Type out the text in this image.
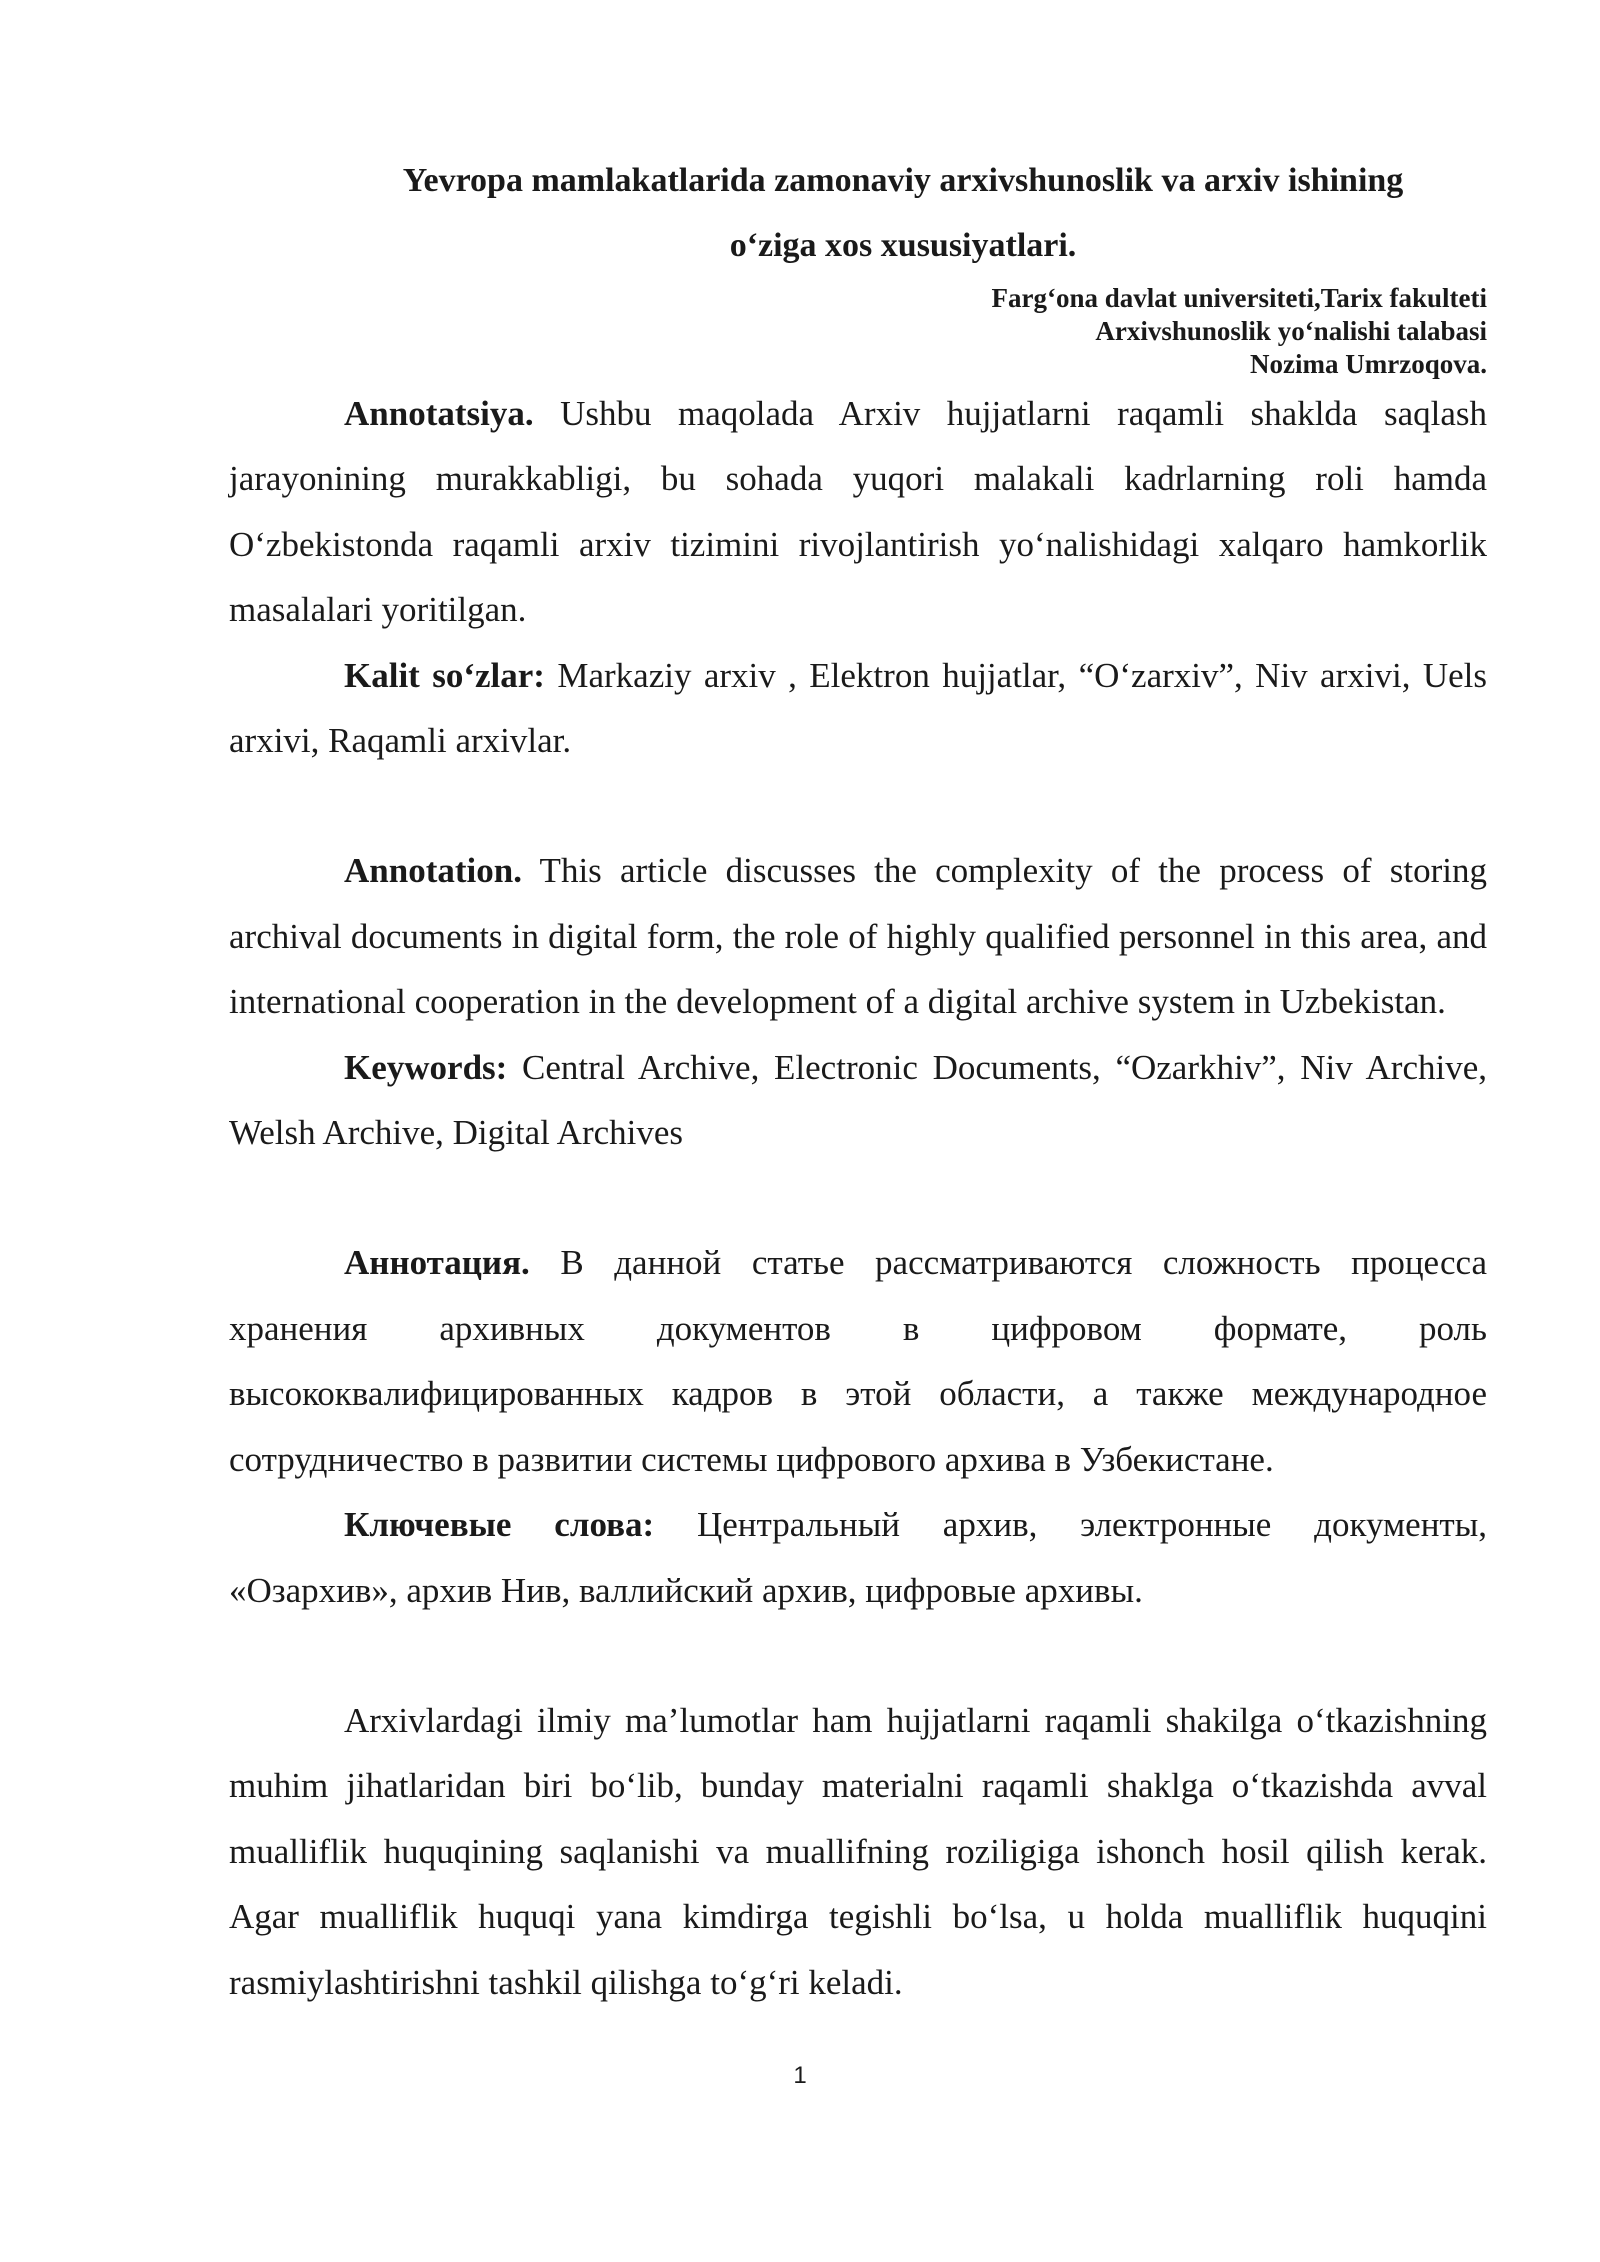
Yevropa mamlakatlarida zamonaviy arxivshunoslik va arxiv ishining
o‘ziga xos xususiyatlari.
Farg‘ona davlat universiteti,Tarix fakulteti
Arxivshunoslik yo‘nalishi talabasi
Nozima Umrzoqova.

Annotatsiya. Ushbu maqolada Arxiv hujjatlarni raqamli shaklda saqlash jarayonining murakkabligi, bu sohada yuqori malakali kadrlarning roli hamda O‘zbekistonda raqamli arxiv tizimini rivojlantirish yo‘nalishidagi xalqaro hamkorlik masalalari yoritilgan.

Kalit so‘zlar: Markaziy arxiv , Elektron hujjatlar, “O‘zarxiv”, Niv arxivi, Uels arxivi, Raqamli arxivlar.

Annotation. This article discusses the complexity of the process of storing archival documents in digital form, the role of highly qualified personnel in this area, and international cooperation in the development of a digital archive system in Uzbekistan.

Keywords: Central Archive, Electronic Documents, “Ozarkhiv”, Niv Archive, Welsh Archive, Digital Archives

Аннотация. В данной статье рассматриваются сложность процесса хранения архивных документов в цифровом формате, роль высококвалифицированных кадров в этой области, а также международное сотрудничество в развитии системы цифрового архива в Узбекистане.

Ключевые слова: Центральный архив, электронные документы, «Озархив», архив Нив, валлийский архив, цифровые архивы.

Arxivlardagi ilmiy ma’lumotlar ham hujjatlarni raqamli shakilga o‘tkazishning muhim jihatlaridan biri bo‘lib, bunday materialni raqamli shaklga o‘tkazishda avval mualliflik huquqining saqlanishi va muallifning roziligiga ishonch hosil qilish kerak. Agar mualliflik huquqi yana kimdirga tegishli bo‘lsa, u holda mualliflik huquqini rasmiylashtirishni tashkil qilishga to‘g‘ri keladi.

1
